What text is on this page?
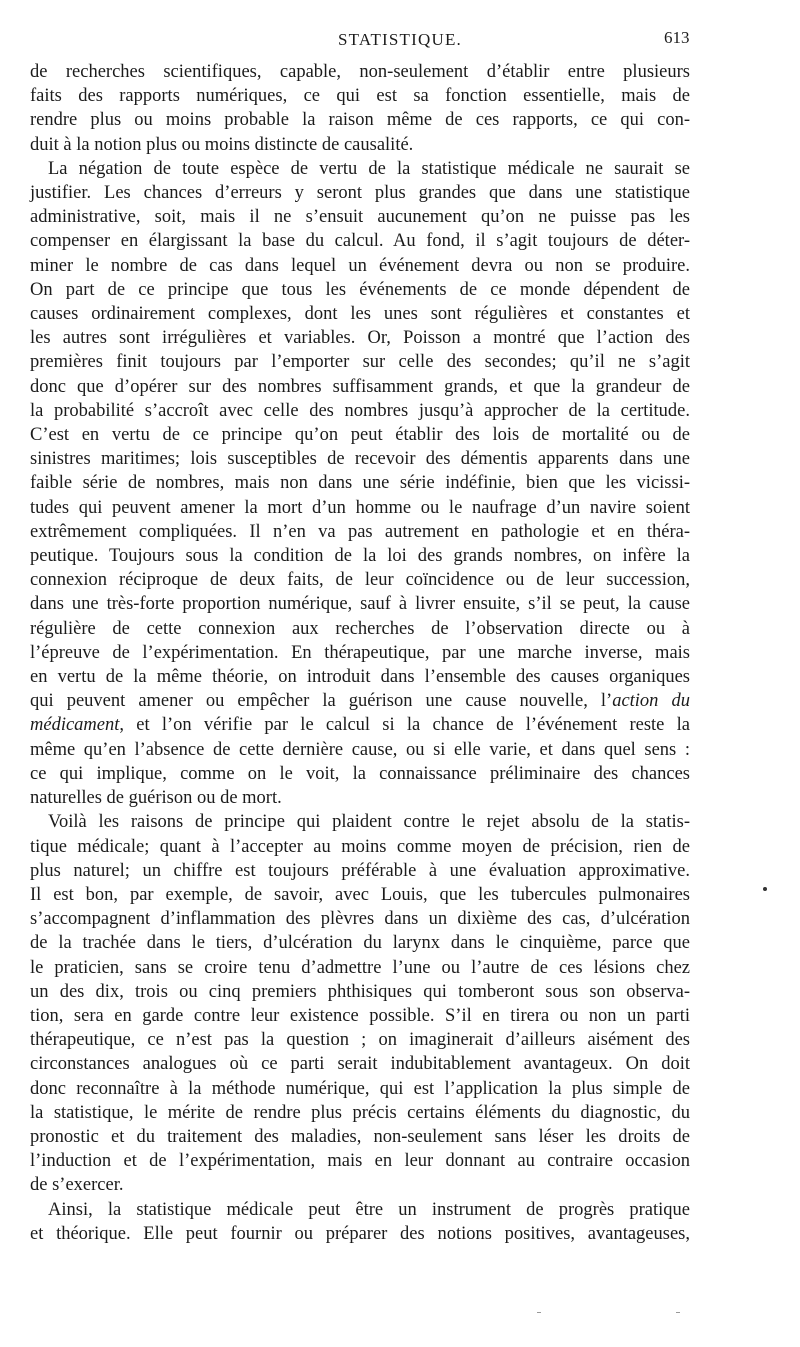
STATISTIQUE.	613
de recherches scientifiques, capable, non-seulement d’établir entre plusieurs
faits des rapports numériques, ce qui est sa fonction essentielle, mais de
rendre plus ou moins probable la raison même de ces rapports, ce qui con-
duit à la notion plus ou moins distincte de causalité.
La négation de toute espèce de vertu de la statistique médicale ne saurait se
justifier. Les chances d’erreurs y seront plus grandes que dans une statistique
administrative, soit, mais il ne s’ensuit aucunement qu’on ne puisse pas les
compenser en élargissant la base du calcul. Au fond, il s’agit toujours de déter-
miner le nombre de cas dans lequel un événement devra ou non se produire.
On part de ce principe que tous les événements de ce monde dépendent de
causes ordinairement complexes, dont les unes sont régulières et constantes et
les autres sont irrégulières et variables. Or, Poisson a montré que l’action des
premières finit toujours par l’emporter sur celle des secondes; qu’il ne s’agit
donc que d’opérer sur des nombres suffisamment grands, et que la grandeur de
la probabilité s’accroît avec celle des nombres jusqu’à approcher de la certitude.
C’est en vertu de ce principe qu’on peut établir des lois de mortalité ou de
sinistres maritimes; lois susceptibles de recevoir des démentis apparents dans une
faible série de nombres, mais non dans une série indéfinie, bien que les vicissi-
tudes qui peuvent amener la mort d’un homme ou le naufrage d’un navire soient
extrêmement compliquées. Il n’en va pas autrement en pathologie et en théra-
peutique. Toujours sous la condition de la loi des grands nombres, on infère la
connexion réciproque de deux faits, de leur coïncidence ou de leur succession,
dans une très-forte proportion numérique, sauf à livrer ensuite, s’il se peut, la cause
régulière de cette connexion aux recherches de l’observation directe ou à
l’épreuve de l’expérimentation. En thérapeutique, par une marche inverse, mais
en vertu de la même théorie, on introduit dans l’ensemble des causes organiques
qui peuvent amener ou empêcher la guérison une cause nouvelle, l’action du
médicament, et l’on vérifie par le calcul si la chance de l’événement reste la
même qu’en l’absence de cette dernière cause, ou si elle varie, et dans quel sens :
ce qui implique, comme on le voit, la connaissance préliminaire des chances
naturelles de guérison ou de mort.
Voilà les raisons de principe qui plaident contre le rejet absolu de la statis-
tique médicale; quant à l’accepter au moins comme moyen de précision, rien de
plus naturel; un chiffre est toujours préférable à une évaluation approximative.
Il est bon, par exemple, de savoir, avec Louis, que les tubercules pulmonaires
s’accompagnent d’inflammation des plèvres dans un dixième des cas, d’ulcération
de la trachée dans le tiers, d’ulcération du larynx dans le cinquième, parce que
le praticien, sans se croire tenu d’admettre l’une ou l’autre de ces lésions chez
un des dix, trois ou cinq premiers phthisiques qui tomberont sous son observa-
tion, sera en garde contre leur existence possible. S’il en tirera ou non un parti
thérapeutique, ce n’est pas la question ; on imaginerait d’ailleurs aisément des
circonstances analogues où ce parti serait indubitablement avantageux. On doit
donc reconnaître à la méthode numérique, qui est l’application la plus simple de
la statistique, le mérite de rendre plus précis certains éléments du diagnostic, du
pronostic et du traitement des maladies, non-seulement sans léser les droits de
l’induction et de l’expérimentation, mais en leur donnant au contraire occasion
de s’exercer.
Ainsi, la statistique médicale peut être un instrument de progrès pratique
et théorique. Elle peut fournir ou préparer des notions positives, avantageuses,
